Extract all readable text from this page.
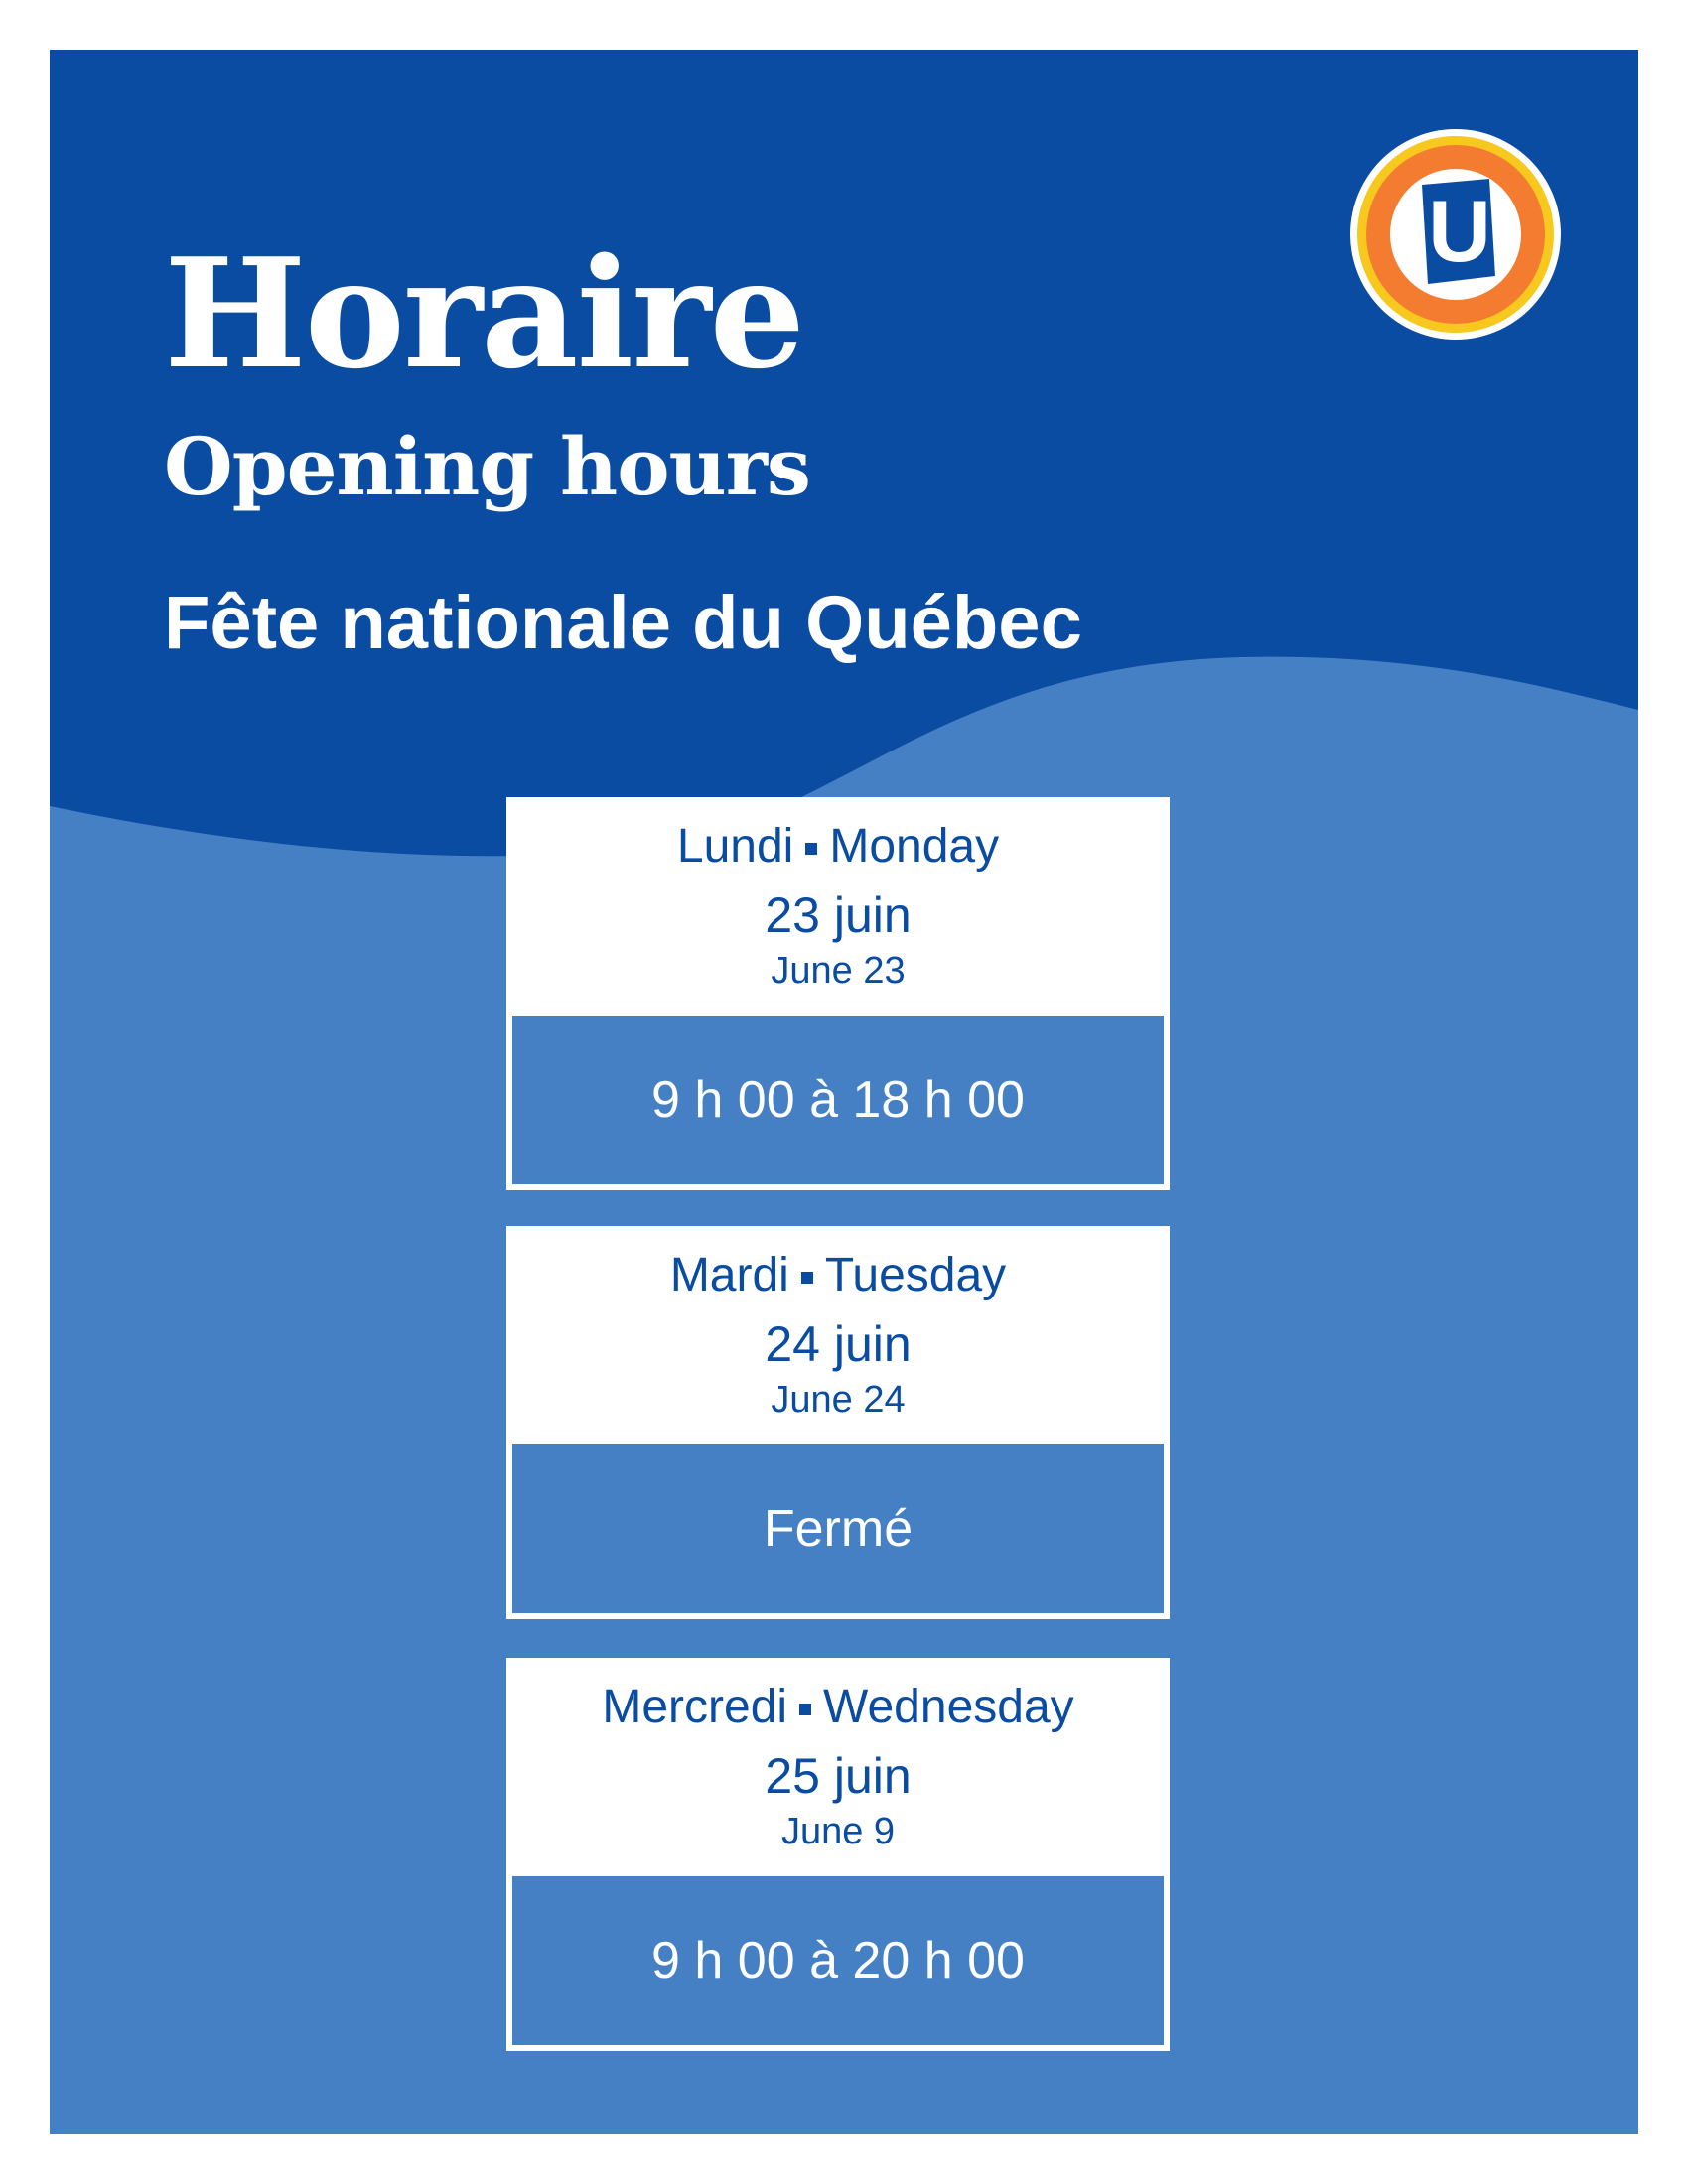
Horaire
Opening hours
Fête nationale du Québec
U
Lundi Monday
23 juin
June 23
9 h 00 à 18 h 00
Mardi Tuesday
24 juin
June 24
Fermé
Mercredi Wednesday
25 juin
June 9
9 h 00 à 20 h 00
